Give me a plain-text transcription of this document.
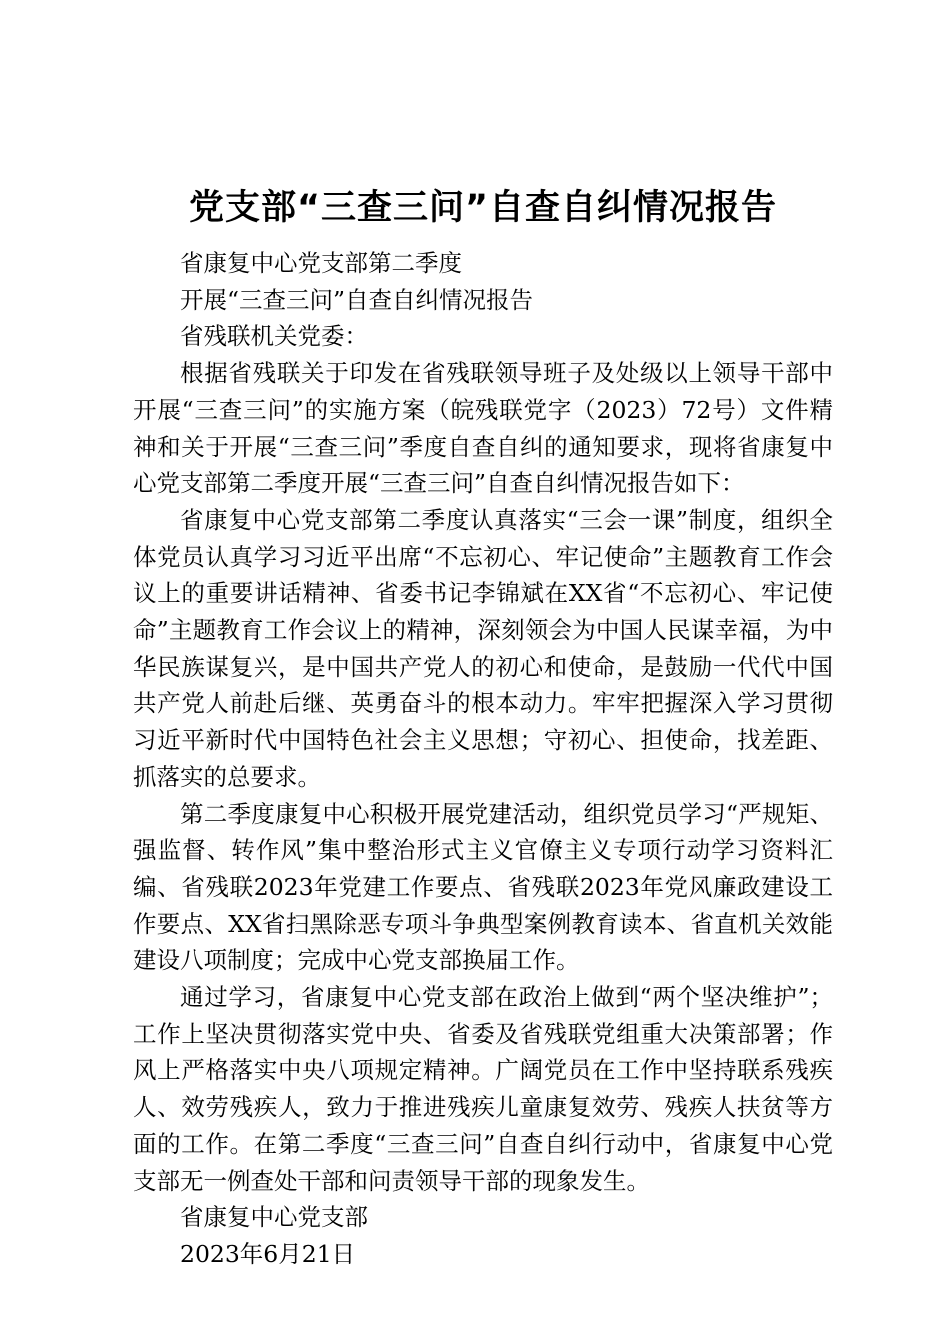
党支部“三查三问”自查自纠情况报告

省康复中心党支部第二季度

开展“三查三问”自查自纠情况报告

省残联机关党委：

根据省残联关于印发在省残联领导班子及处级以上领导干部中开展“三查三问”的实施方案（皖残联党字（2023）72号）文件精神和关于开展“三查三问”季度自查自纠的通知要求，现将省康复中心党支部第二季度开展“三查三问”自查自纠情况报告如下：

省康复中心党支部第二季度认真落实“三会一课”制度，组织全体党员认真学习习近平出席“不忘初心、牢记使命”主题教育工作会议上的重要讲话精神、省委书记李锦斌在XX省“不忘初心、牢记使命”主题教育工作会议上的精神，深刻领会为中国人民谋幸福，为中华民族谋复兴，是中国共产党人的初心和使命，是鼓励一代代中国共产党人前赴后继、英勇奋斗的根本动力。牢牢把握深入学习贯彻习近平新时代中国特色社会主义思想；守初心、担使命，找差距、抓落实的总要求。

第二季度康复中心积极开展党建活动，组织党员学习“严规矩、强监督、转作风”集中整治形式主义官僚主义专项行动学习资料汇编、省残联2023年党建工作要点、省残联2023年党风廉政建设工作要点、XX省扫黑除恶专项斗争典型案例教育读本、省直机关效能建设八项制度；完成中心党支部换届工作。

通过学习，省康复中心党支部在政治上做到“两个坚决维护”；工作上坚决贯彻落实党中央、省委及省残联党组重大决策部署；作风上严格落实中央八项规定精神。广阔党员在工作中坚持联系残疾人、效劳残疾人，致力于推进残疾儿童康复效劳、残疾人扶贫等方面的工作。在第二季度“三查三问”自查自纠行动中，省康复中心党支部无一例查处干部和问责领导干部的现象发生。

省康复中心党支部

2023年6月21日
